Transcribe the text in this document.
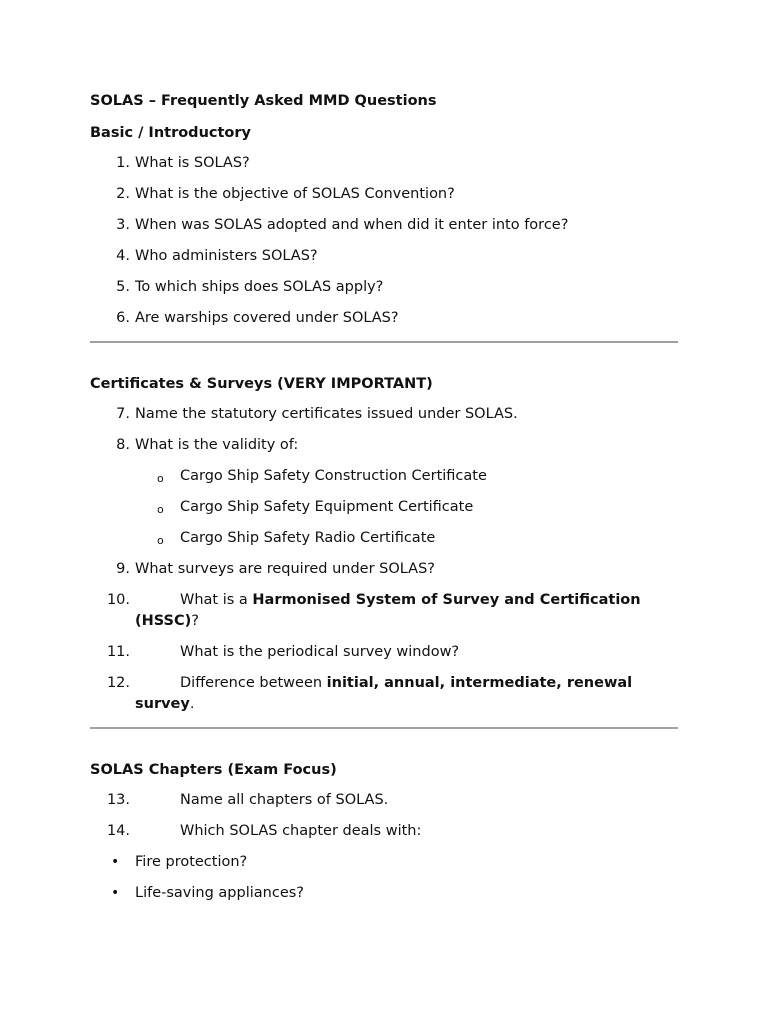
SOLAS – Frequently Asked MMD Questions
Basic / Introductory
1. What is SOLAS?
2. What is the objective of SOLAS Convention?
3. When was SOLAS adopted and when did it enter into force?
4. Who administers SOLAS?
5. To which ships does SOLAS apply?
6. Are warships covered under SOLAS?
Certificates & Surveys (VERY IMPORTANT)
7. Name the statutory certificates issued under SOLAS.
8. What is the validity of:
o Cargo Ship Safety Construction Certificate
o Cargo Ship Safety Equipment Certificate
o Cargo Ship Safety Radio Certificate
9. What surveys are required under SOLAS?
10.	What is a Harmonised System of Survey and Certification (HSSC)?
11.	What is the periodical survey window?
12.	Difference between initial, annual, intermediate, renewal survey.
SOLAS Chapters (Exam Focus)
13.	Name all chapters of SOLAS.
14.	Which SOLAS chapter deals with:
• Fire protection?
• Life-saving appliances?
